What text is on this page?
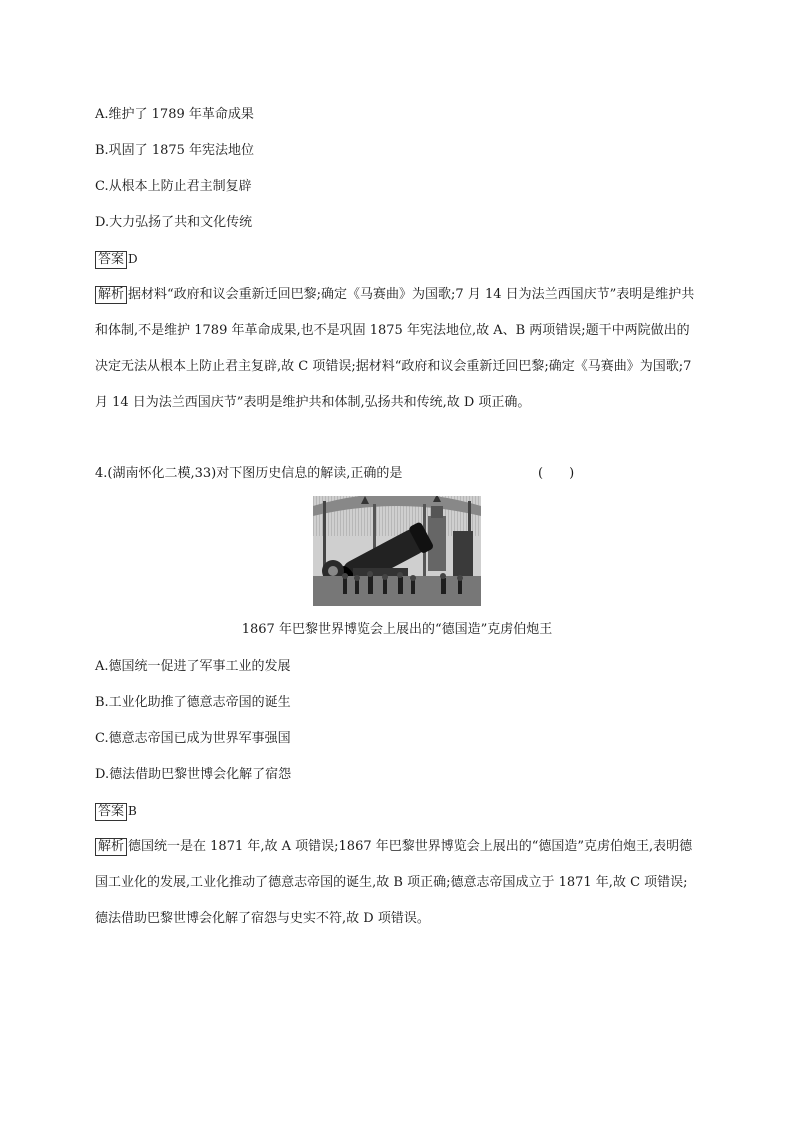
A.维护了 1789 年革命成果
B.巩固了 1875 年宪法地位
C.从根本上防止君主制复辟
D.大力弘扬了共和文化传统
答案 D
解析 据材料“政府和议会重新迁回巴黎;确定《马赛曲》为国歌;7 月 14 日为法兰西国庆节”表明是维护共和体制,不是维护 1789 年革命成果,也不是巩固 1875 年宪法地位,故 A、B 两项错误;题干中两院做出的决定无法从根本上防止君主复辟,故 C 项错误;据材料“政府和议会重新迁回巴黎;确定《马赛曲》为国歌;7 月 14 日为法兰西国庆节”表明是维护共和体制,弘扬共和传统,故 D 项正确。
4.(湖南怀化二模,33)对下图历史信息的解读,正确的是	(　　)
1867 年巴黎世界博览会上展出的“德国造”克虏伯炮王
A.德国统一促进了军事工业的发展
B.工业化助推了德意志帝国的诞生
C.德意志帝国已成为世界军事强国
D.德法借助巴黎世博会化解了宿怨
答案 B
解析 德国统一是在 1871 年,故 A 项错误;1867 年巴黎世界博览会上展出的“德国造”克虏伯炮王,表明德国工业化的发展,工业化推动了德意志帝国的诞生,故 B 项正确;德意志帝国成立于 1871 年,故 C 项错误;德法借助巴黎世博会化解了宿怨与史实不符,故 D 项错误。
